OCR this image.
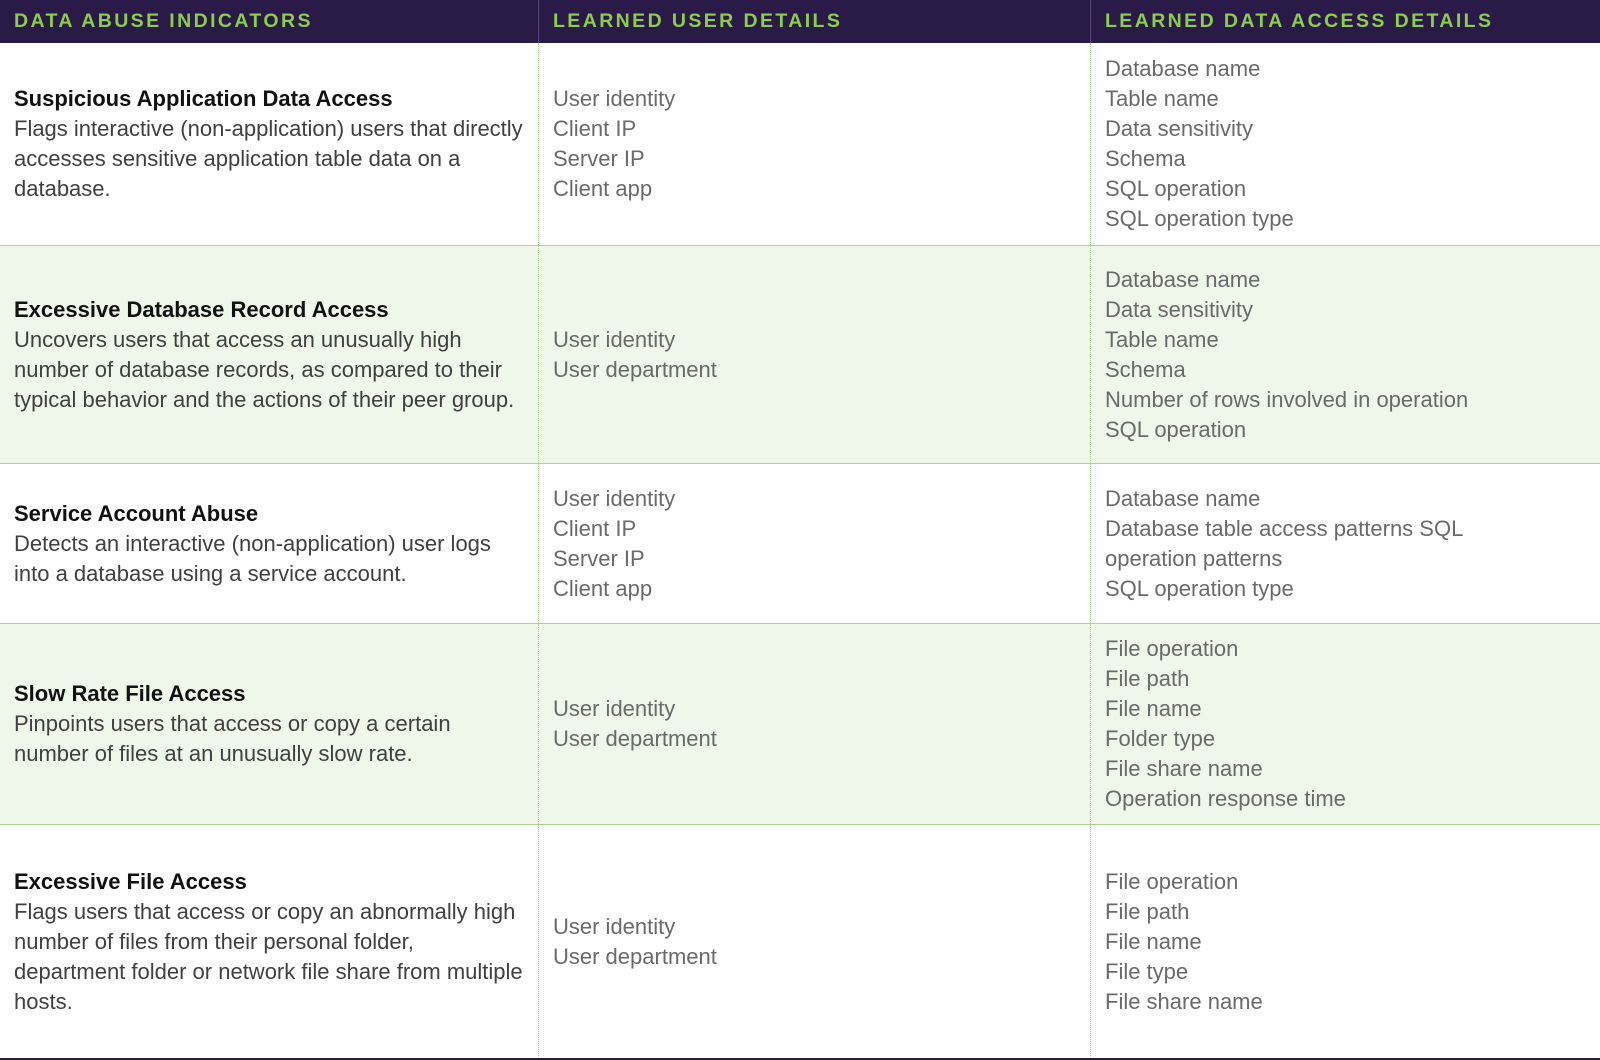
DATA ABUSE INDICATORS	LEARNED USER DETAILS	LEARNED DATA ACCESS DETAILS
Suspicious Application Data Access
Flags interactive (non-application) users that directly accesses sensitive application table data on a database.
User identity
Client IP
Server IP
Client app
Database name
Table name
Data sensitivity
Schema
SQL operation
SQL operation type
Excessive Database Record Access
Uncovers users that access an unusually high number of database records, as compared to their typical behavior and the actions of their peer group.
User identity
User department
Database name
Data sensitivity
Table name
Schema
Number of rows involved in operation
SQL operation
Service Account Abuse
Detects an interactive (non-application) user logs into a database using a service account.
User identity
Client IP
Server IP
Client app
Database name
Database table access patterns SQL operation patterns
SQL operation type
Slow Rate File Access
Pinpoints users that access or copy a certain number of files at an unusually slow rate.
User identity
User department
File operation
File path
File name
Folder type
File share name
Operation response time
Excessive File Access
Flags users that access or copy an abnormally high number of files from their personal folder, department folder or network file share from multiple hosts.
User identity
User department
File operation
File path
File name
File type
File share name
